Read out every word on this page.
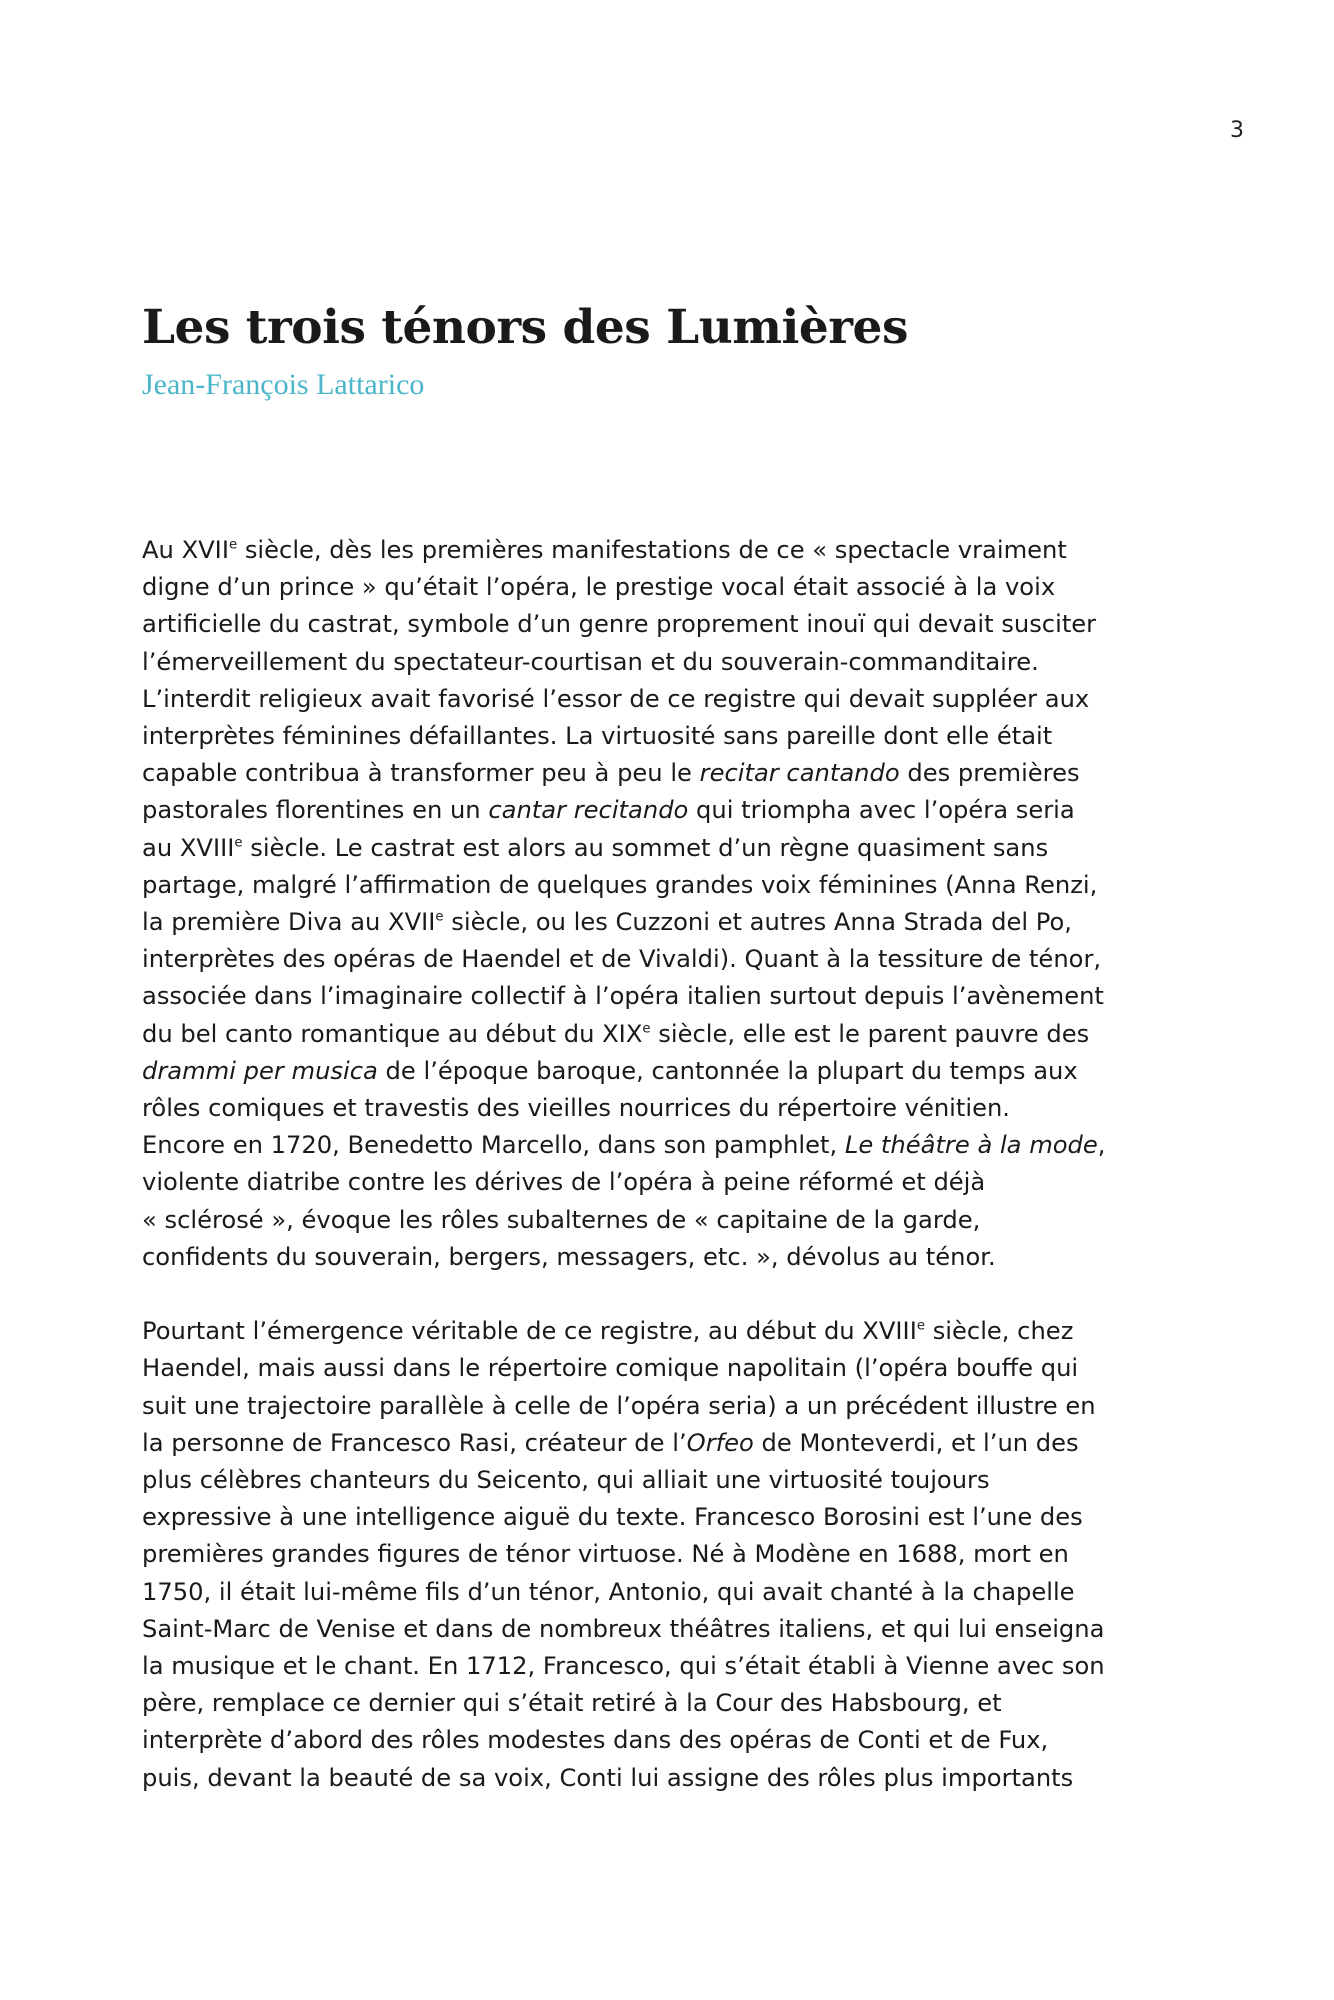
3
Les trois ténors des Lumières

Jean-François Lattarico

Au XVIIe siècle, dès les premières manifestations de ce « spectacle vraiment
digne d’un prince » qu’était l’opéra, le prestige vocal était associé à la voix
artificielle du castrat, symbole d’un genre proprement inouï qui devait susciter
l’émerveillement du spectateur-courtisan et du souverain-commanditaire.
L’interdit religieux avait favorisé l’essor de ce registre qui devait suppléer aux
interprètes féminines défaillantes. La virtuosité sans pareille dont elle était
capable contribua à transformer peu à peu le recitar cantando des premières
pastorales florentines en un cantar recitando qui triompha avec l’opéra seria
au XVIIIe siècle. Le castrat est alors au sommet d’un règne quasiment sans
partage, malgré l’affirmation de quelques grandes voix féminines (Anna Renzi,
la première Diva au XVIIe siècle, ou les Cuzzoni et autres Anna Strada del Po,
interprètes des opéras de Haendel et de Vivaldi). Quant à la tessiture de ténor,
associée dans l’imaginaire collectif à l’opéra italien surtout depuis l’avènement
du bel canto romantique au début du XIXe siècle, elle est le parent pauvre des
drammi per musica de l’époque baroque, cantonnée la plupart du temps aux
rôles comiques et travestis des vieilles nourrices du répertoire vénitien.
Encore en 1720, Benedetto Marcello, dans son pamphlet, Le théâtre à la mode,
violente diatribe contre les dérives de l’opéra à peine réformé et déjà
« sclérosé », évoque les rôles subalternes de « capitaine de la garde,
confidents du souverain, bergers, messagers, etc. », dévolus au ténor.
Pourtant l’émergence véritable de ce registre, au début du XVIIIe siècle, chez
Haendel, mais aussi dans le répertoire comique napolitain (l’opéra bouffe qui
suit une trajectoire parallèle à celle de l’opéra seria) a un précédent illustre en
la personne de Francesco Rasi, créateur de l’Orfeo de Monteverdi, et l’un des
plus célèbres chanteurs du Seicento, qui alliait une virtuosité toujours
expressive à une intelligence aiguë du texte. Francesco Borosini est l’une des
premières grandes figures de ténor virtuose. Né à Modène en 1688, mort en
1750, il était lui-même fils d’un ténor, Antonio, qui avait chanté à la chapelle
Saint-Marc de Venise et dans de nombreux théâtres italiens, et qui lui enseigna
la musique et le chant. En 1712, Francesco, qui s’était établi à Vienne avec son
père, remplace ce dernier qui s’était retiré à la Cour des Habsbourg, et
interprète d’abord des rôles modestes dans des opéras de Conti et de Fux,
puis, devant la beauté de sa voix, Conti lui assigne des rôles plus importants
